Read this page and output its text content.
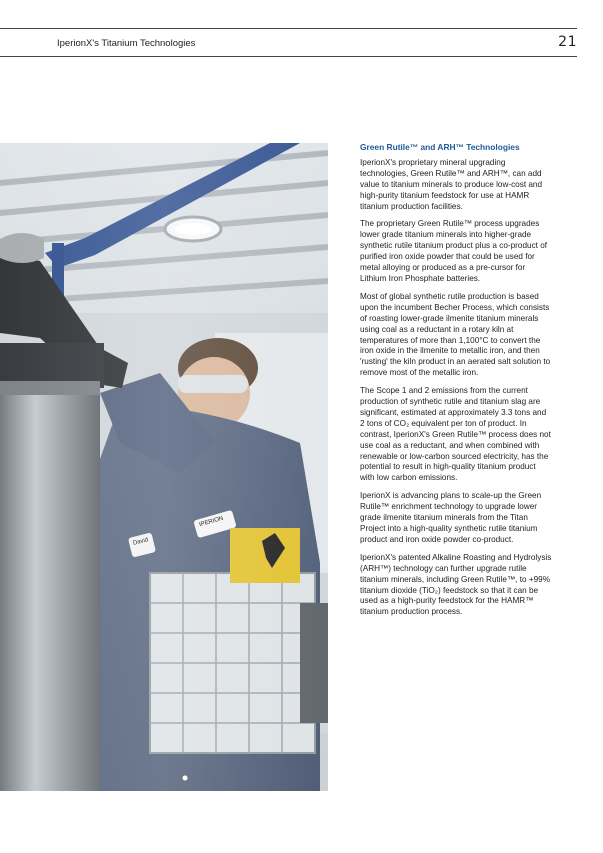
IperionX's Titanium Technologies	21
David
IPERION
Green Rutile™ and ARH™ Technologies

IperionX's proprietary mineral upgrading technologies, Green Rutile™ and ARH™, can add value to titanium minerals to produce low-cost and high-purity titanium feedstock for use at HAMR titanium production facilities.

The proprietary Green Rutile™ process upgrades lower grade titanium minerals into higher-grade synthetic rutile titanium product plus a co-product of purified iron oxide powder that could be used for metal alloying or produced as a pre-cursor for Lithium Iron Phosphate batteries.

Most of global synthetic rutile production is based upon the incumbent Becher Process, which consists of roasting lower-grade ilmenite titanium minerals using coal as a reductant in a rotary kiln at temperatures of more than 1,100°C to convert the iron oxide in the ilmenite to metallic iron, and then 'rusting' the kiln product in an aerated salt solution to remove most of the metallic iron.

The Scope 1 and 2 emissions from the current production of synthetic rutile and titanium slag are significant, estimated at approximately 3.3 tons and 2 tons of CO₂ equivalent per ton of product. In contrast, IperionX's Green Rutile™ process does not use coal as a reductant, and when combined with renewable or low-carbon sourced electricity, has the potential to result in high-quality titanium product with low carbon emissions.

IperionX is advancing plans to scale-up the Green Rutile™ enrichment technology to upgrade lower grade ilmenite titanium minerals from the Titan Project into a high-quality synthetic rutile titanium product and iron oxide powder co-product.

IperionX's patented Alkaline Roasting and Hydrolysis (ARH™) technology can further upgrade rutile titanium minerals, including Green Rutile™, to +99% titanium dioxide (TiO₂) feedstock so that it can be used as a high-purity feedstock for the HAMR™ titanium production process.
